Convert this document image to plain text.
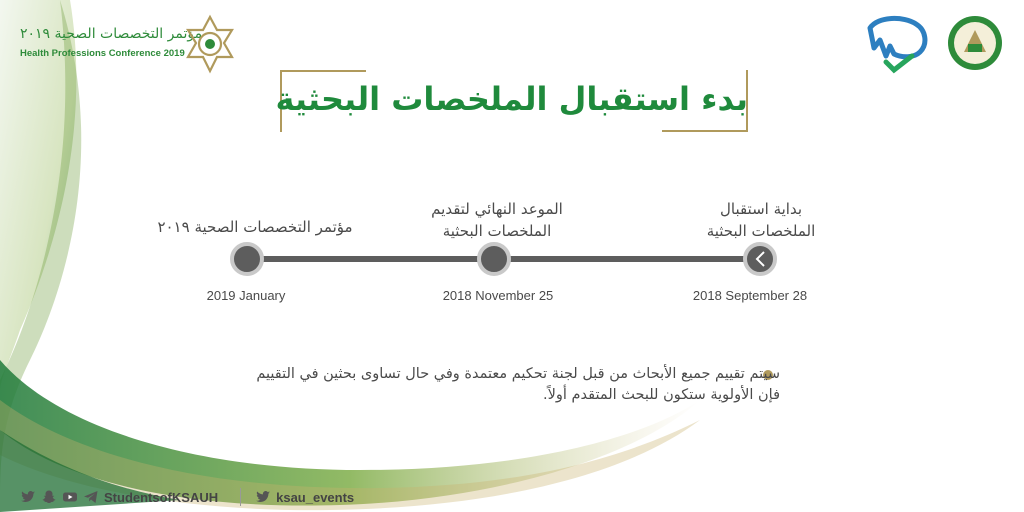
مؤتمر التخصصات الصحية ٢٠١٩
Health Professions Conference 2019
بدء استقبال الملخصات البحثية
بداية استقبال
الملخصات البحثية
2018 September 28
الموعد النهائي لتقديم
الملخصات البحثية
2018 November 25
مؤتمر التخصصات الصحية ٢٠١٩
2019 January
سيتم تقييم جميع الأبحاث من قبل لجنة تحكيم معتمدة وفي حال تساوى بحثين في التقييم فإن الأولوية ستكون للبحث المتقدم أولاً.
StudentsofKSAUH	ksau_events
